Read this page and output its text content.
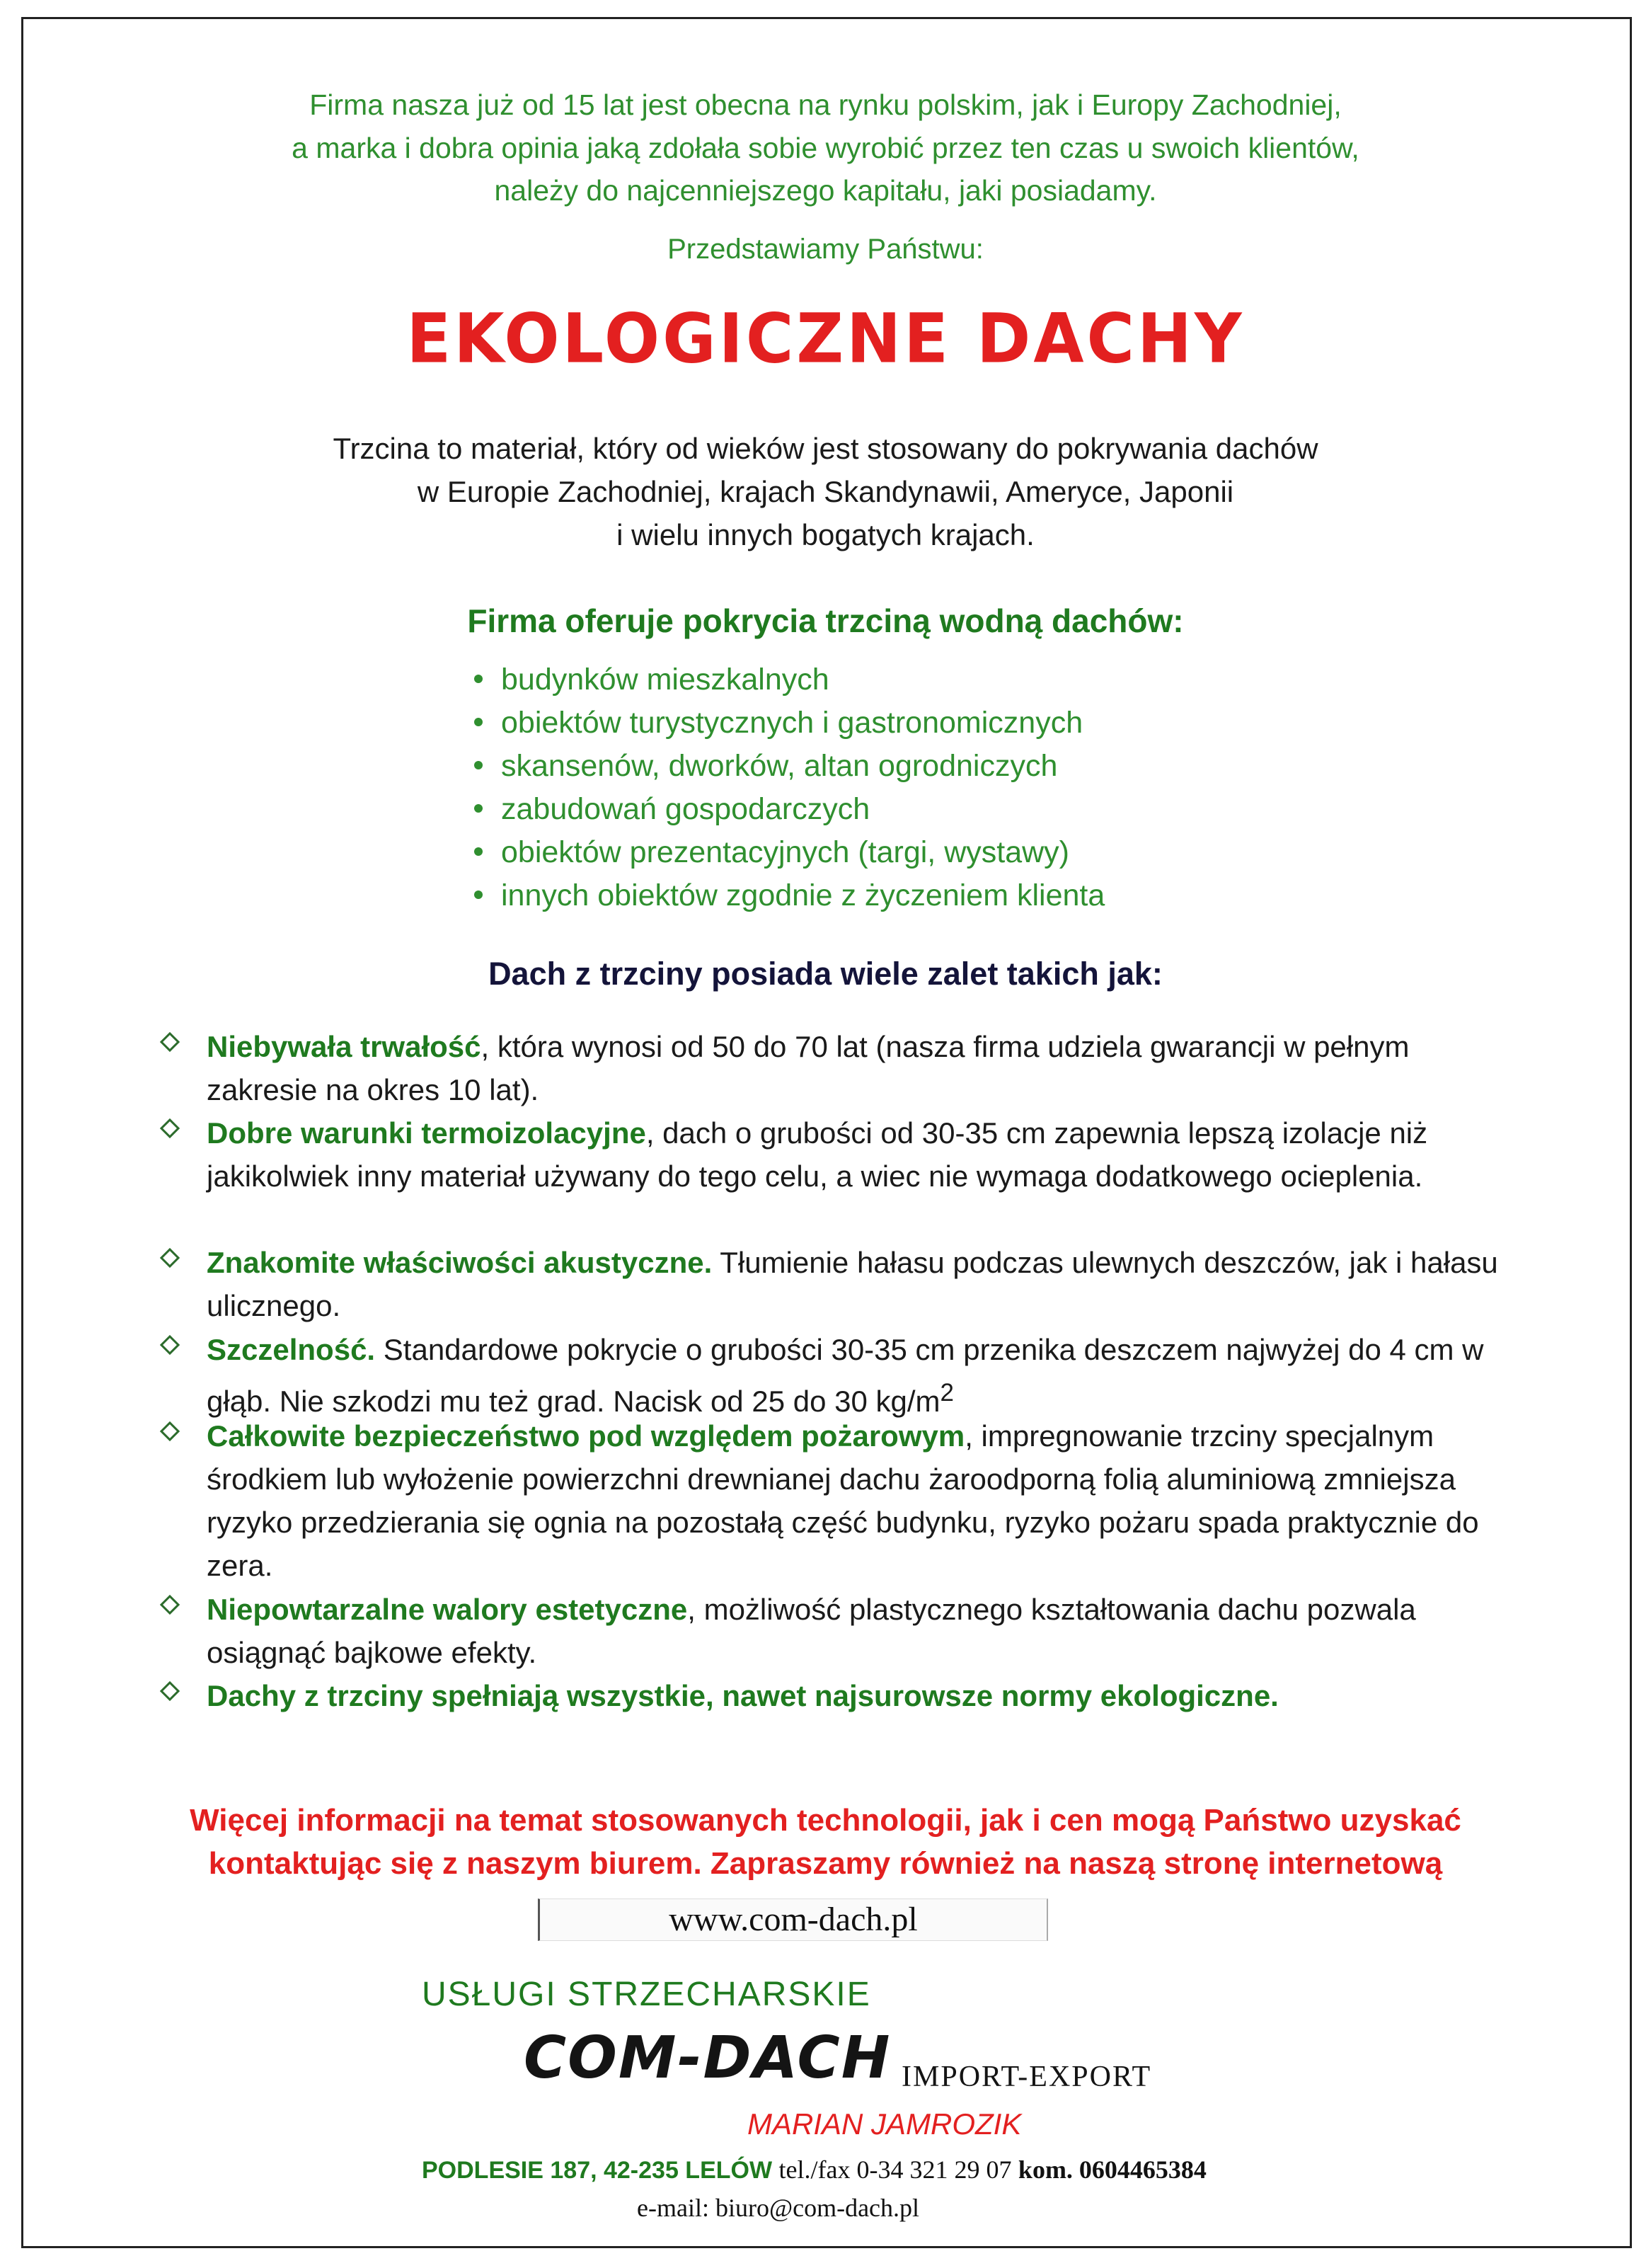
Firma nasza już od 15 lat jest obecna na rynku polskim, jak i Europy Zachodniej,

a marka i dobra opinia jaką zdołała sobie wyrobić przez ten czas u swoich klientów,

należy do najcenniejszego kapitału, jaki posiadamy.

Przedstawiamy Państwu:

EKOLOGICZNE DACHY

Trzcina to materiał, który od wieków jest stosowany do pokrywania dachów

w Europie Zachodniej, krajach Skandynawii, Ameryce, Japonii

i wielu innych bogatych krajach.

Firma oferuje pokrycia trzciną wodną dachów:
budynków mieszkalnych
obiektów turystycznych i gastronomicznych
skansenów, dworków, altan ogrodniczych
zabudowań gospodarczych
obiektów prezentacyjnych (targi, wystawy)
innych obiektów zgodnie z życzeniem klienta
Dach z trzciny posiada wiele zalet takich jak:
Niebywała trwałość, która wynosi od 50 do 70 lat (nasza firma udziela gwarancji w pełnym zakresie na okres 10 lat).
Dobre warunki termoizolacyjne, dach o grubości od 30-35 cm zapewnia lepszą izolacje niż jakikolwiek inny materiał używany do tego celu, a wiec nie wymaga dodatkowego ocieplenia.
Znakomite właściwości akustyczne. Tłumienie hałasu podczas ulewnych deszczów, jak i hałasu ulicznego.
Szczelność. Standardowe pokrycie o grubości 30-35 cm przenika deszczem najwyżej do 4 cm w głąb. Nie szkodzi mu też grad. Nacisk od 25 do 30 $kg/m^2$
Całkowite bezpieczeństwo pod względem pożarowym, impregnowanie trzciny specjalnym środkiem lub wyłożenie powierzchni drewnianej dachu żaroodporną folią aluminiową zmniejsza ryzyko przedzierania się ognia na pozostałą część budynku, ryzyko pożaru spada praktycznie do zera.
Niepowtarzalne walory estetyczne, możliwość plastycznego kształtowania dachu pozwala osiągnąć bajkowe efekty.
Dachy z trzciny spełniają wszystkie, nawet najsurowsze normy ekologiczne.

Więcej informacji na temat stosowanych technologii, jak i cen mogą Państwo uzyskać

kontaktując się z naszym biurem. Zapraszamy również na naszą stronę internetową

www.com-dach.pl

USŁUGI STRZECHARSKIE

COM-DACH IMPORT-EXPORT

MARIAN JAMROZIK

PODLESIE 187, 42-235 LELÓW tel./fax 0-34 321 29 07 kom. 0604465384

e-mail: biuro@com-dach.pl
